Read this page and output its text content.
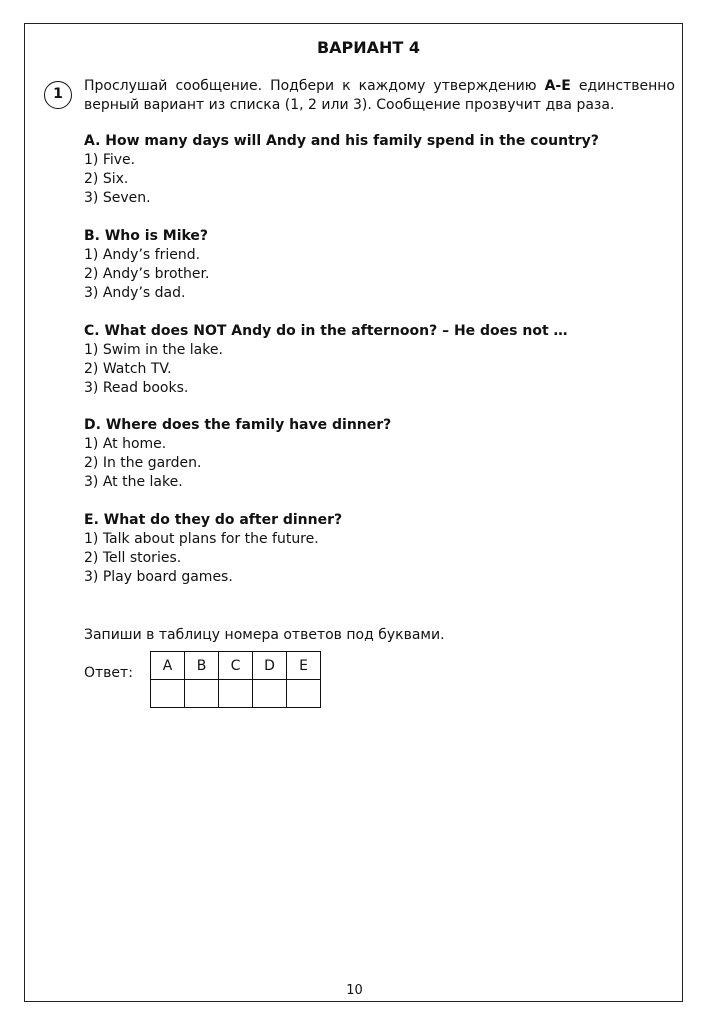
ВАРИАНТ 4
1	Прослушай сообщение. Подбери к каждому утверждению A-E единственно верный вариант из списка (1, 2 или 3). Сообщение прозвучит два раза.
A. How many days will Andy and his family spend in the country?
1) Five.
2) Six.
3) Seven.
B. Who is Mike?
1) Andy’s friend.
2) Andy’s brother.
3) Andy’s dad.
C. What does NOT Andy do in the afternoon? – He does not …
1) Swim in the lake.
2) Watch TV.
3) Read books.
D. Where does the family have dinner?
1) At home.
2) In the garden.
3) At the lake.
E. What do they do after dinner?
1) Talk about plans for the future.
2) Tell stories.
3) Play board games.
Запиши в таблицу номера ответов под буквами.
Ответ: A	B	C	D	E

10
